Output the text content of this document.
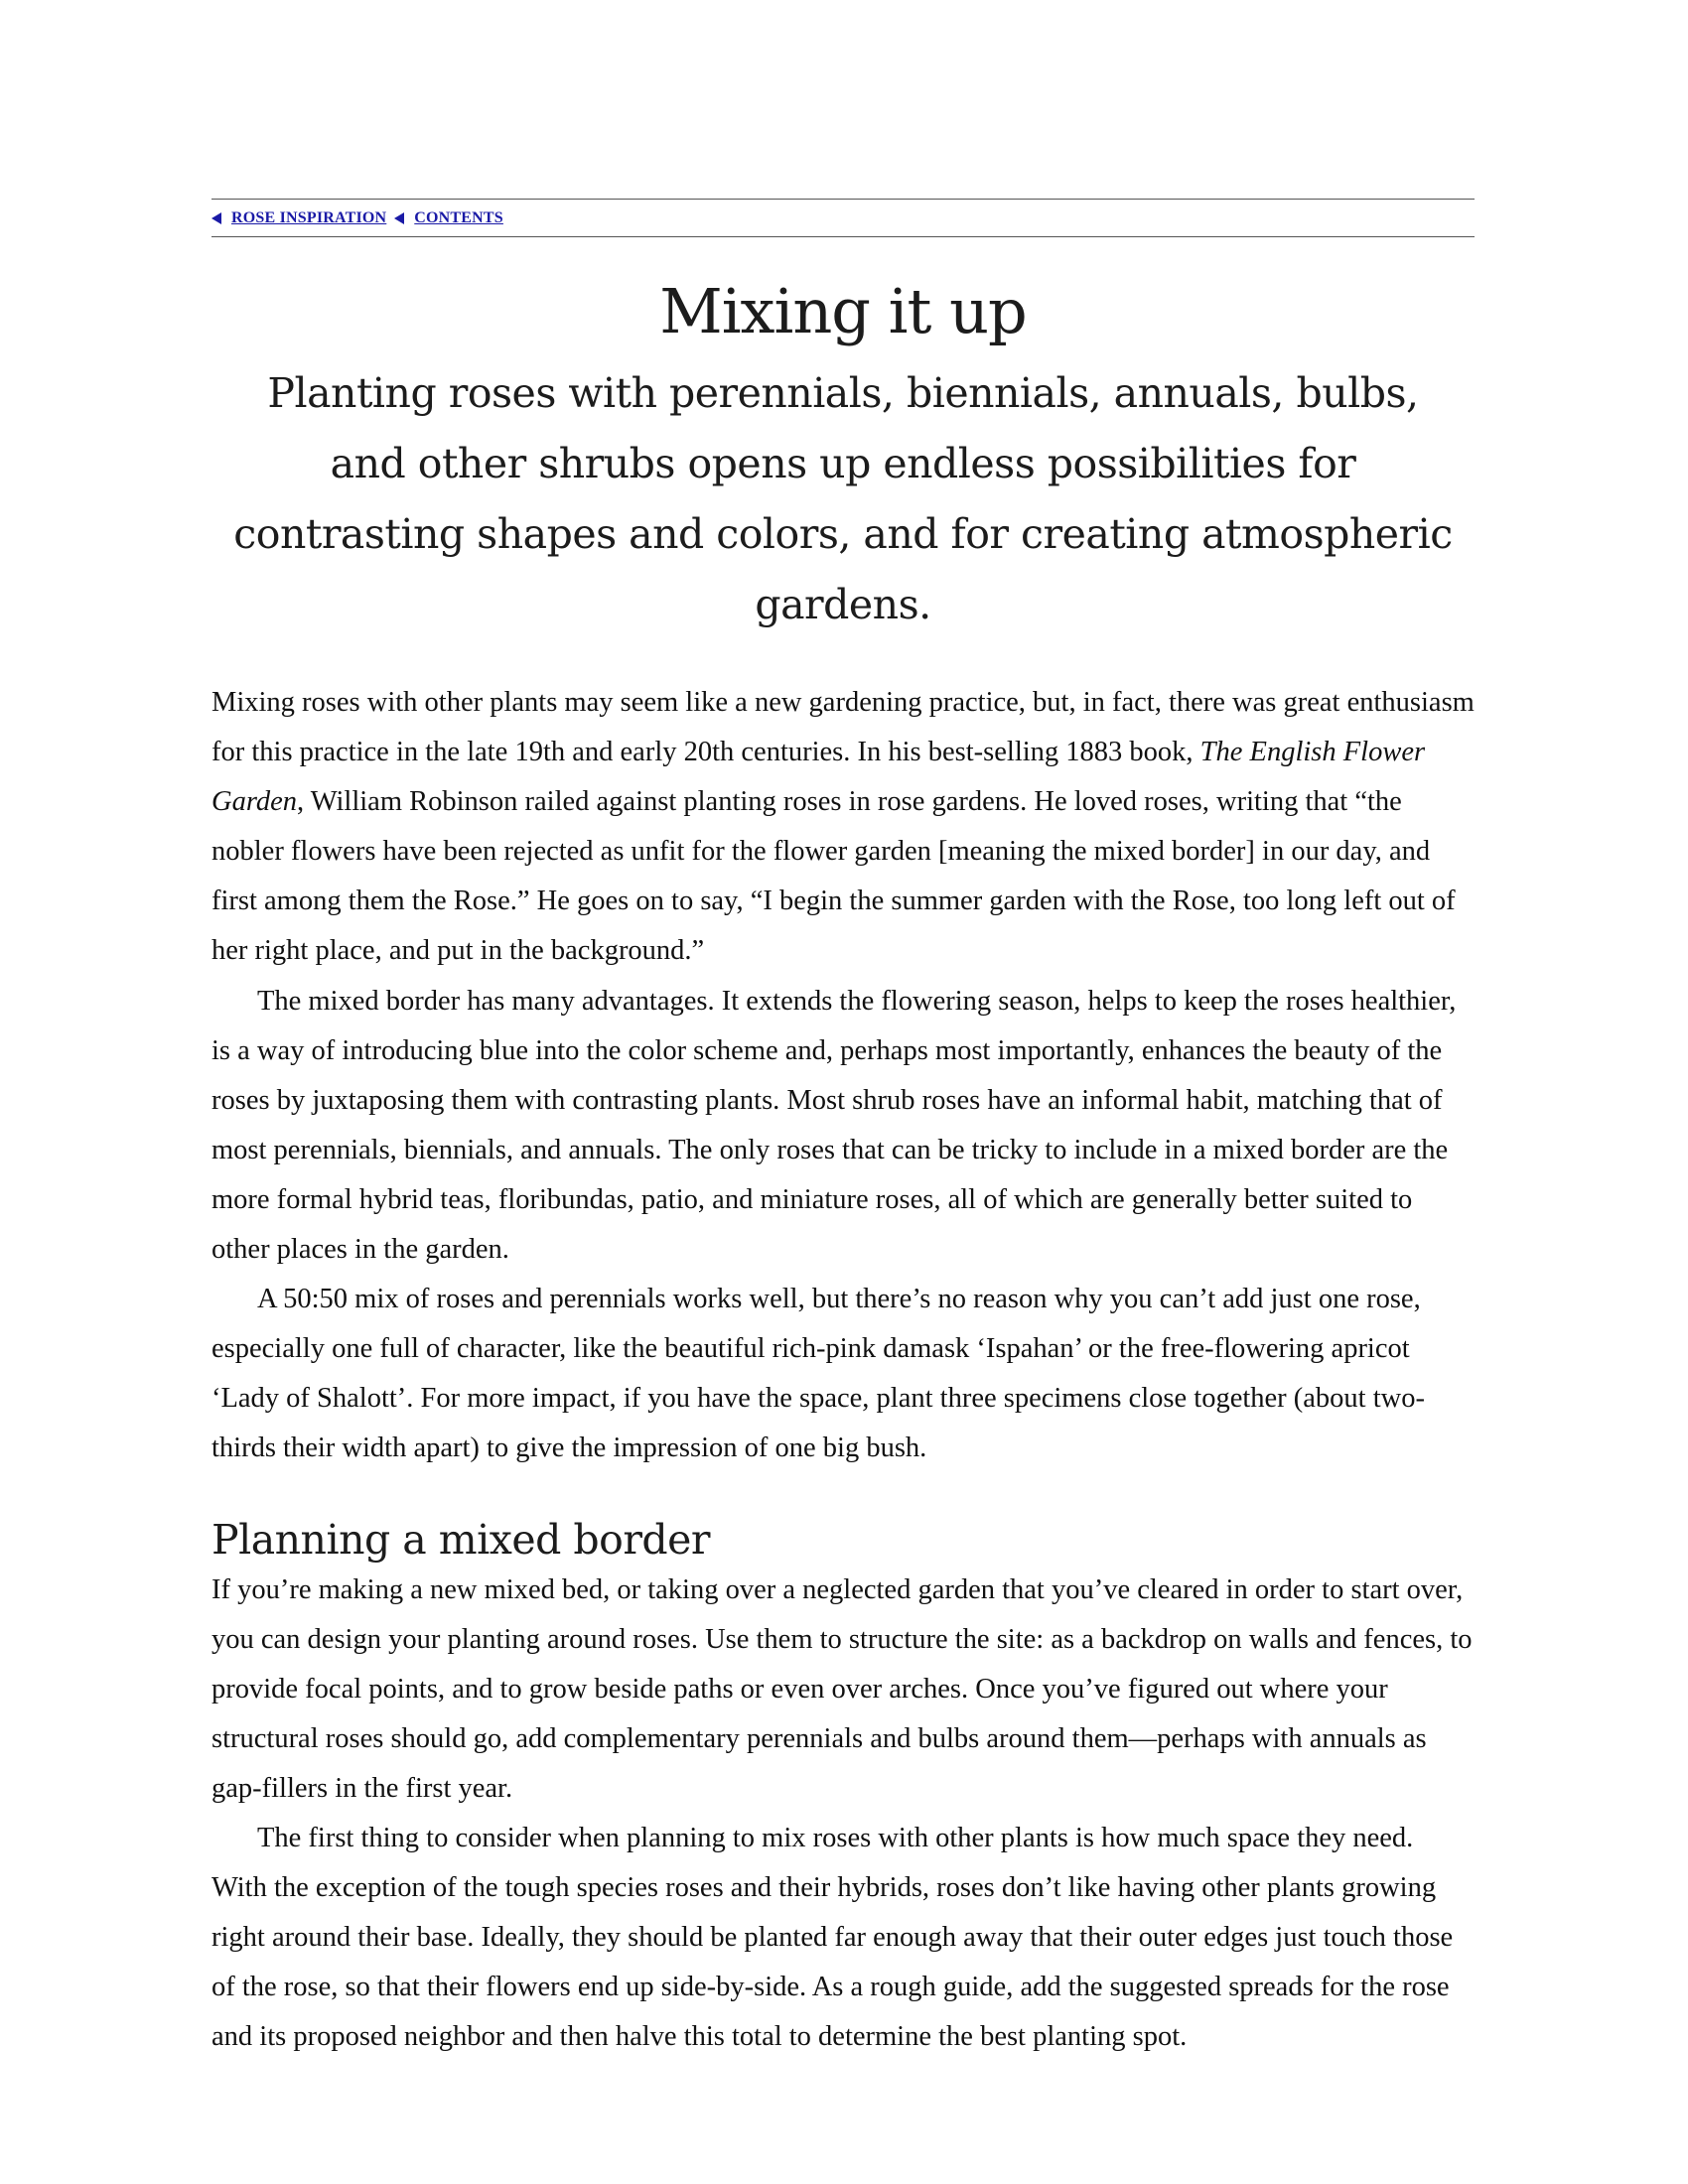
ROSE INSPIRATION CONTENTS
Mixing it up
Planting roses with perennials, biennials, annuals, bulbs, and other shrubs opens up endless possibilities for contrasting shapes and colors, and for creating atmospheric gardens.

Mixing roses with other plants may seem like a new gardening practice, but, in fact, there was great enthusiasm for this practice in the late 19th and early 20th centuries. In his best-selling 1883 book, The English Flower Garden, William Robinson railed against planting roses in rose gardens. He loved roses, writing that “the nobler flowers have been rejected as unfit for the flower garden [meaning the mixed border] in our day, and first among them the Rose.” He goes on to say, “I begin the summer garden with the Rose, too long left out of her right place, and put in the background.”

The mixed border has many advantages. It extends the flowering season, helps to keep the roses healthier, is a way of introducing blue into the color scheme and, perhaps most importantly, enhances the beauty of the roses by juxtaposing them with contrasting plants. Most shrub roses have an informal habit, matching that of most perennials, biennials, and annuals. The only roses that can be tricky to include in a mixed border are the more formal hybrid teas, floribundas, patio, and miniature roses, all of which are generally better suited to other places in the garden.

A 50:50 mix of roses and perennials works well, but there’s no reason why you can’t add just one rose, especially one full of character, like the beautiful rich-pink damask ‘Ispahan’ or the free-flowering apricot ‘Lady of Shalott’. For more impact, if you have the space, plant three specimens close together (about two-thirds their width apart) to give the impression of one big bush.

Planning a mixed border

If you’re making a new mixed bed, or taking over a neglected garden that you’ve cleared in order to start over, you can design your planting around roses. Use them to structure the site: as a backdrop on walls and fences, to provide focal points, and to grow beside paths or even over arches. Once you’ve figured out where your structural roses should go, add complementary perennials and bulbs around them—perhaps with annuals as gap-fillers in the first year.

The first thing to consider when planning to mix roses with other plants is how much space they need. With the exception of the tough species roses and their hybrids, roses don’t like having other plants growing right around their base. Ideally, they should be planted far enough away that their outer edges just touch those of the rose, so that their flowers end up side-by-side. As a rough guide, add the suggested spreads for the rose and its proposed neighbor and then halve this total to determine the best planting spot.
